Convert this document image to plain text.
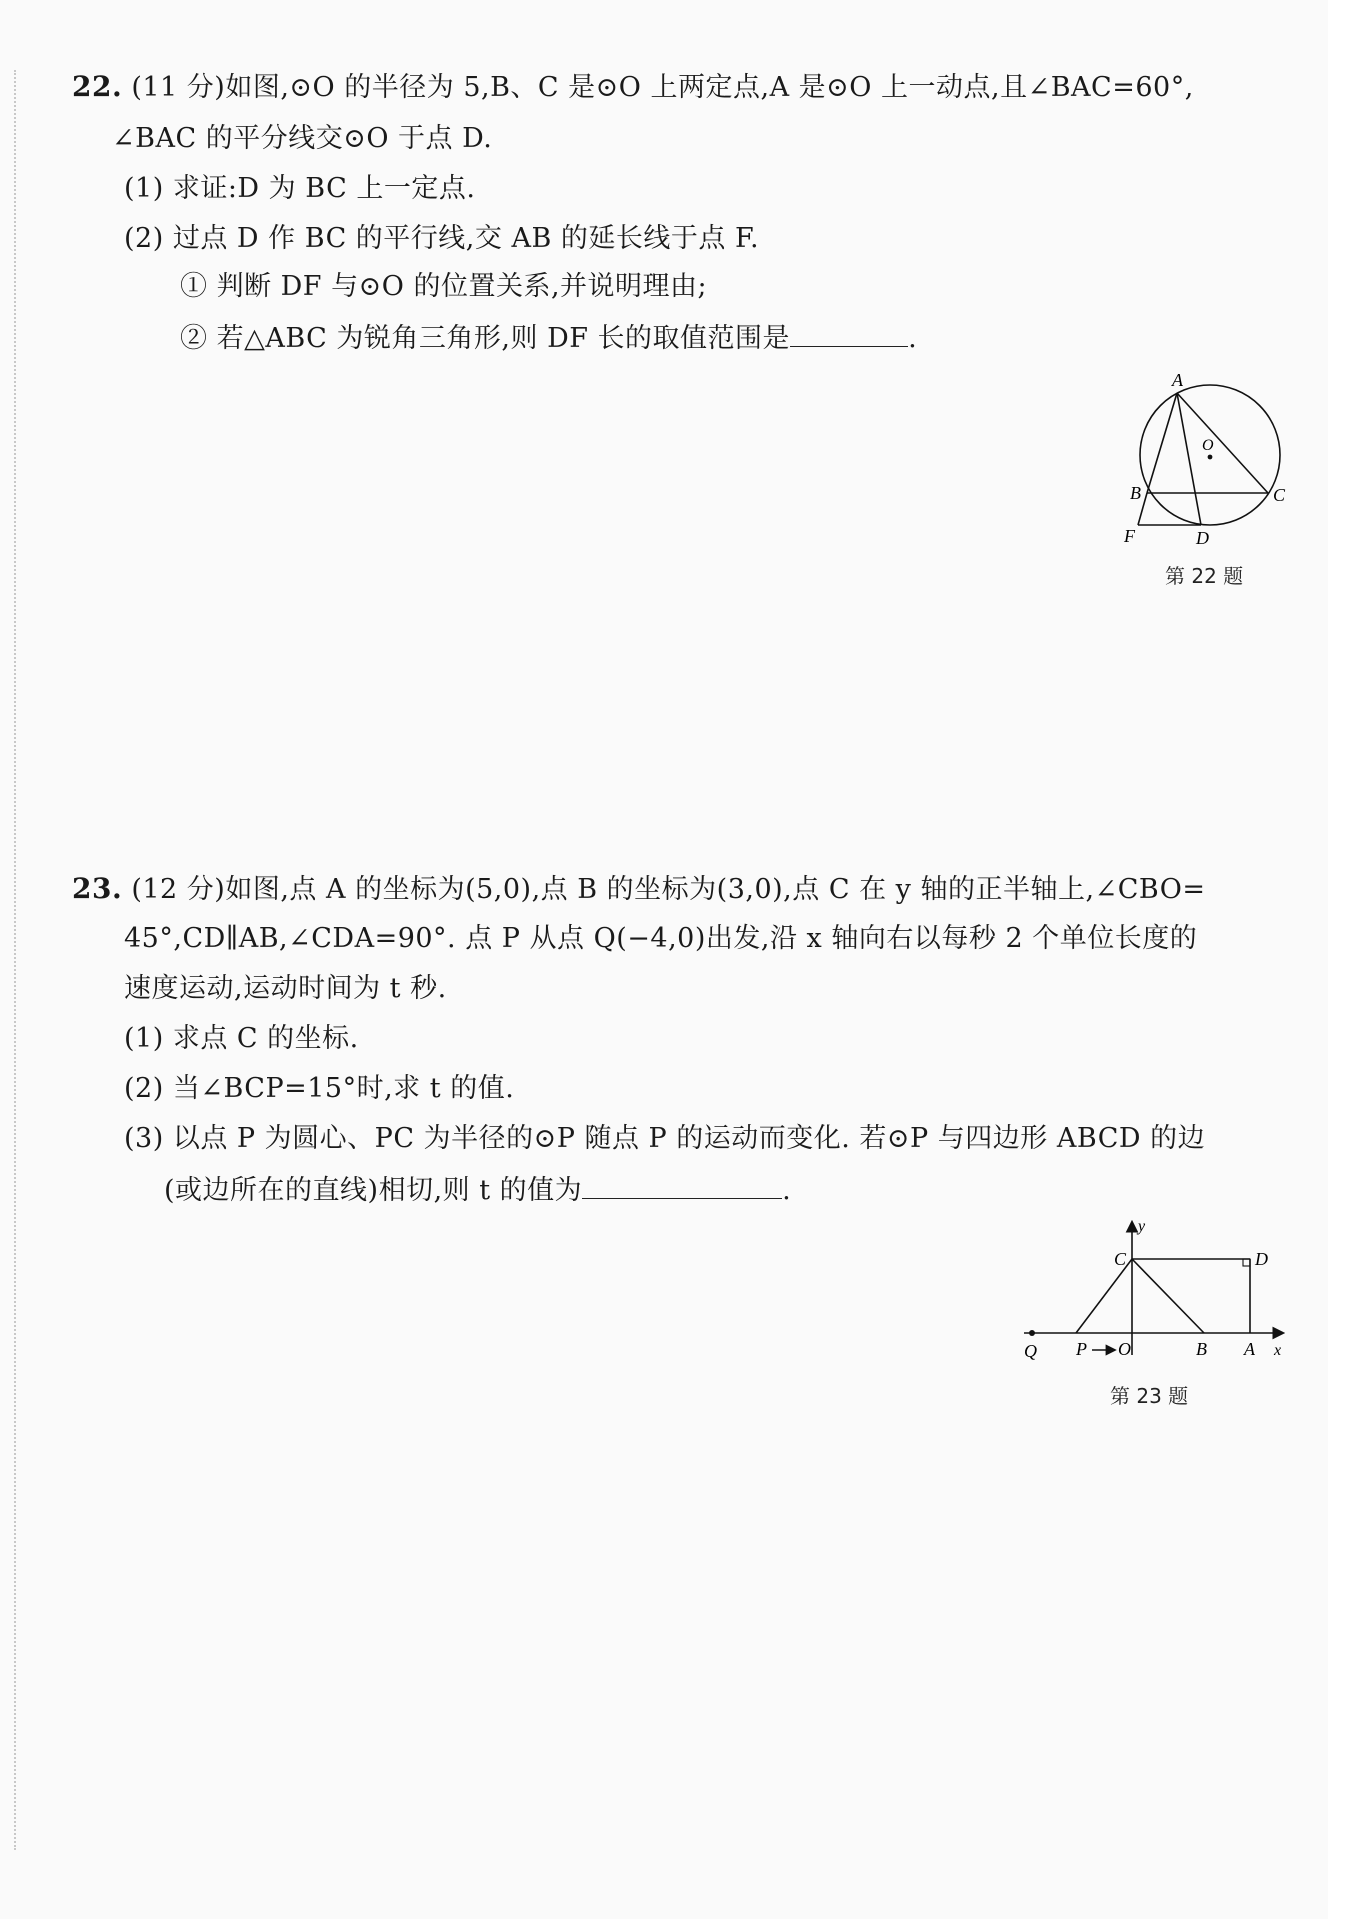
22. (11 分)如图,⊙O 的半径为 5,B、C 是⊙O 上两定点,A 是⊙O 上一动点,且∠BAC=60°,
∠BAC 的平分线交⊙O 于点 D.
(1) 求证:D 为 BC 上一定点.
(2) 过点 D 作 BC 的平行线,交 AB 的延长线于点 F.
① 判断 DF 与⊙O 的位置关系,并说明理由;
② 若△ABC 为锐角三角形,则 DF 长的取值范围是	.
A
O
B	C
F	D
第 22 题
23. (12 分)如图,点 A 的坐标为(5,0),点 B 的坐标为(3,0),点 C 在 y 轴的正半轴上,∠CBO=
45°,CD∥AB,∠CDA=90°. 点 P 从点 Q(−4,0)出发,沿 x 轴向右以每秒 2 个单位长度的
速度运动,运动时间为 t 秒.
(1) 求点 C 的坐标.
(2) 当∠BCP=15°时,求 t 的值.
(3) 以点 P 为圆心、PC 为半径的⊙P 随点 P 的运动而变化. 若⊙P 与四边形 ABCD 的边
(或边所在的直线)相切,则 t 的值为	.
y
x
C	D
Q P O	B A
第 23 题
